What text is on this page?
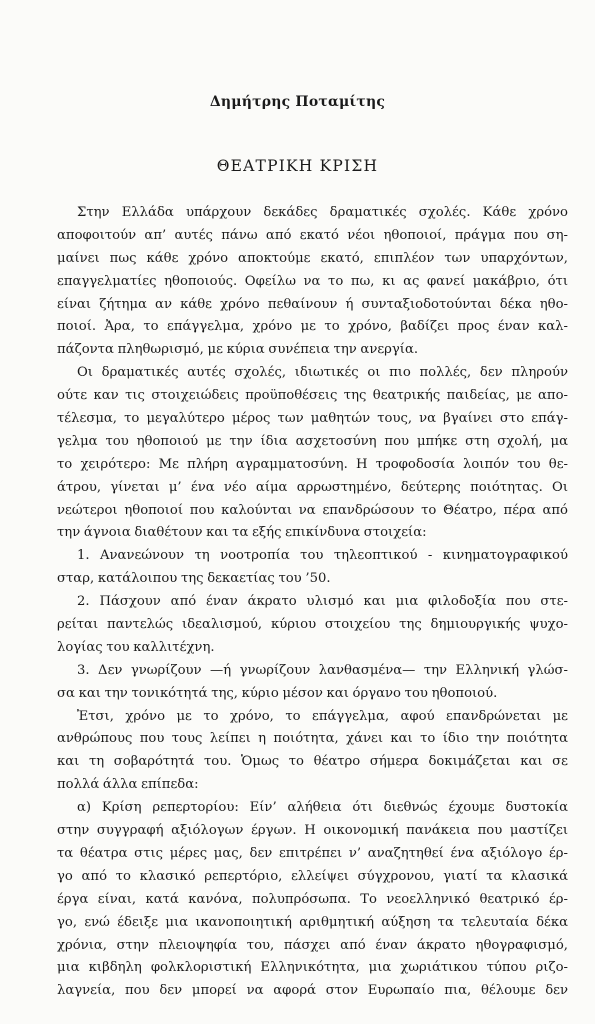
Δημήτρης Ποταμίτης
ΘΕΑΤΡΙΚΗ ΚΡΙΣΗ
Στην Ελλάδα υπάρχουν δεκάδες δραματικές σχολές. Κάθε χρόνο
αποφοιτούν απ’ αυτές πάνω από εκατό νέοι ηθοποιοί, πράγμα που ση-
μαίνει πως κάθε χρόνο αποκτούμε εκατό, επιπλέον των υπαρχόντων,
επαγγελματίες ηθοποιούς. Οφείλω να το πω, κι ας φανεί μακάβριο, ότι
είναι ζήτημα αν κάθε χρόνο πεθαίνουν ή συνταξιοδοτούνται δέκα ηθο-
ποιοί. Ἀρα, το επάγγελμα, χρόνο με το χρόνο, βαδίζει προς έναν καλ-
πάζοντα πληθωρισμό, με κύρια συνέπεια την ανεργία.
Οι δραματικές αυτές σχολές, ιδιωτικές οι πιο πολλές, δεν πληρούν
ούτε καν τις στοιχειώδεις προϋποθέσεις της θεατρικής παιδείας, με απο-
τέλεσμα, το μεγαλύτερο μέρος των μαθητών τους, να βγαίνει στο επάγ-
γελμα του ηθοποιού με την ίδια ασχετοσύνη που μπήκε στη σχολή, μα
το χειρότερο: Με πλήρη αγραμματοσύνη. Η τροφοδοσία λοιπόν του θε-
άτρου, γίνεται μ’ ένα νέο αίμα αρρωστημένο, δεύτερης ποιότητας. Οι
νεώτεροι ηθοποιοί που καλούνται να επανδρώσουν το Θέατρο, πέρα από
την άγνοια διαθέτουν και τα εξής επικίνδυνα στοιχεία:
1. Ανανεώνουν τη νοοτροπία του τηλεοπτικού - κινηματογραφικού
σταρ, κατάλοιπου της δεκαετίας του ’50.
2. Πάσχουν από έναν άκρατο υλισμό και μια φιλοδοξία που στε-
ρείται παντελώς ιδεαλισμού, κύριου στοιχείου της δημιουργικής ψυχο-
λογίας του καλλιτέχνη.
3. Δεν γνωρίζουν —ή γνωρίζουν λανθασμένα— την Ελληνική γλώσ-
σα και την τονικότητά της, κύριο μέσον και όργανο του ηθοποιού.
Ἐτσι, χρόνο με το χρόνο, το επάγγελμα, αφού επανδρώνεται με
ανθρώπους που τους λείπει η ποιότητα, χάνει και το ίδιο την ποιότητα
και τη σοβαρότητά του. Ὁμως το θέατρο σήμερα δοκιμάζεται και σε
πολλά άλλα επίπεδα:
α) Κρίση ρεπερτορίου: Είν’ αλήθεια ότι διεθνώς έχουμε δυστοκία
στην συγγραφή αξιόλογων έργων. Η οικονομική πανάκεια που μαστίζει
τα θέατρα στις μέρες μας, δεν επιτρέπει ν’ αναζητηθεί ένα αξιόλογο έρ-
γο από το κλασικό ρεπερτόριο, ελλείψει σύγχρονου, γιατί τα κλασικά
έργα είναι, κατά κανόνα, πολυπρόσωπα. Το νεοελληνικό θεατρικό έρ-
γο, ενώ έδειξε μια ικανοποιητική αριθμητική αύξηση τα τελευταία δέκα
χρόνια, στην πλειοψηφία του, πάσχει από έναν άκρατο ηθογραφισμό,
μια κιβδηλη φολκλοριστική Ελληνικότητα, μια χωριάτικου τύπου ριζο-
λαγνεία, που δεν μπορεί να αφορά στον Ευρωπαίο πια, θέλουμε δεν
